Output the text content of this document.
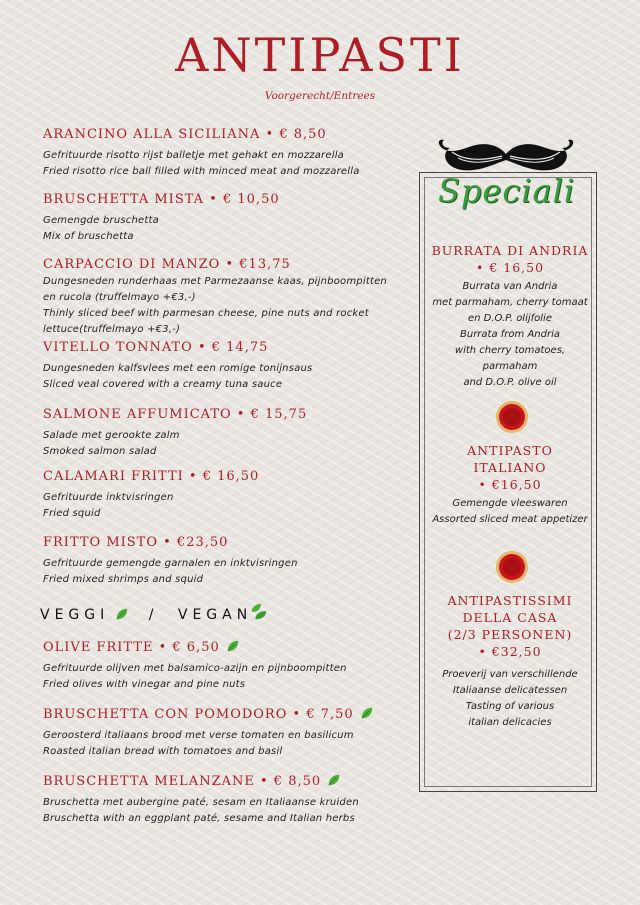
ANTIPASTI
Voorgerecht/Entrees
ARANCINO ALLA SICILIANA • € 8,50
Gefrituurde risotto rijst balletje met gehakt en mozzarella
Fried risotto rice ball filled with minced meat and mozzarella
BRUSCHETTA MISTA • € 10,50
Gemengde bruschetta
Mix of bruschetta
CARPACCIO DI MANZO • €13,75
Dungesneden runderhaas met Parmezaanse kaas, pijnboompitten
en rucola (truffelmayo +€3,-)
Thinly sliced beef with parmesan cheese, pine nuts and rocket
lettuce(truffelmayo +€3,-)
VITELLO TONNATO • € 14,75
Dungesneden kalfsvlees met een romige tonijnsaus
Sliced veal covered with a creamy tuna sauce
SALMONE AFFUMICATO • € 15,75
Salade met gerookte zalm
Smoked salmon salad
CALAMARI FRITTI • € 16,50
Gefrituurde inktvisringen
Fried squid
FRITTO MISTO • €23,50
Gefrituurde gemengde garnalen en inktvisringen
Fried mixed shrimps and squid
VEGGI	/ VEGAN
OLIVE FRITTE • € 6,50
Gefrituurde olijven met balsamico-azijn en pijnboompitten
Fried olives with vinegar and pine nuts
BRUSCHETTA CON POMODORO • € 7,50
Geroosterd italiaans brood met verse tomaten en basilicum
Roasted italian bread with tomatoes and basil
BRUSCHETTA MELANZANE • € 8,50
Bruschetta met aubergine paté, sesam en Italiaanse kruiden
Bruschetta with an eggplant paté, sesame and Italian herbs
Speciali
BURRATA DI ANDRIA
• € 16,50
Burrata van Andria
met parmaham, cherry tomaat
en D.O.P. olijfolie
Burrata from Andria
with cherry tomatoes,
parmaham
and D.O.P. olive oil
ANTIPASTO
ITALIANO
• €16,50
Gemengde vleeswaren
Assorted sliced meat appetizer
ANTIPASTISSIMI
DELLA CASA
(2/3 PERSONEN)
• €32,50
Proeverij van verschillende
Italiaanse delicatessen
Tasting of various
italian delicacies
